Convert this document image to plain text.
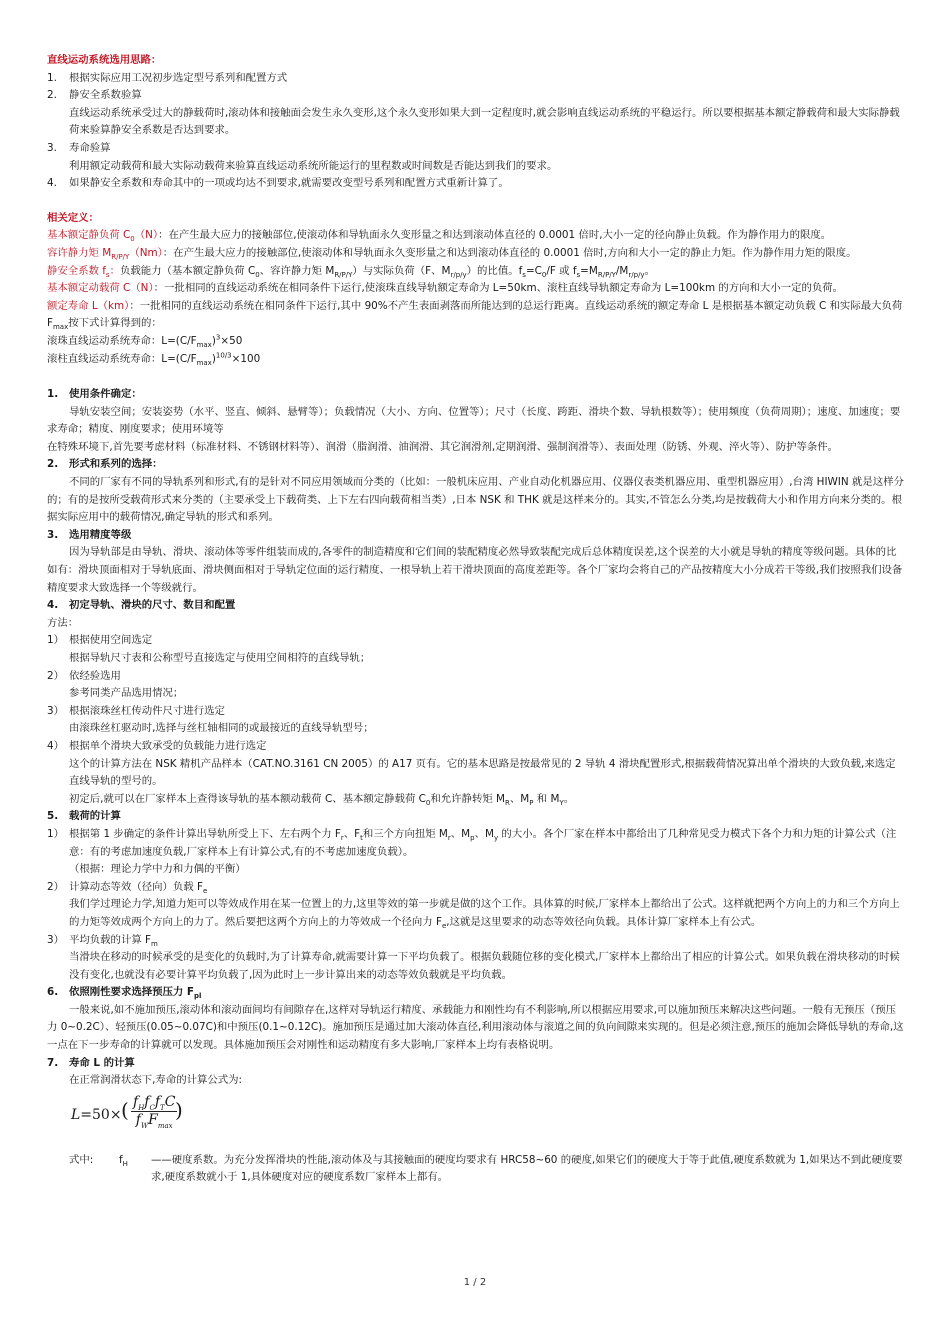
直线运动系统选用思路：
1. 根据实际应用工况初步选定型号系列和配置方式
2. 静安全系数验算
直线运动系统承受过大的静载荷时,滚动体和接触面会发生永久变形,这个永久变形如果大到一定程度时,就会影响直线运动系统的平稳运行。所以要根据基本额定静载荷和最大实际静载荷来验算静安全系数是否达到要求。
3. 寿命验算
利用额定动载荷和最大实际动载荷来验算直线运动系统所能运行的里程数或时间数是否能达到我们的要求。
4. 如果静安全系数和寿命其中的一项或均达不到要求,就需要改变型号系列和配置方式重新计算了。
相关定义：
基本额定静负荷 $C_0(N)$：在产生最大应力的接触部位,使滚动体和导轨面永久变形量之和达到滚动体直径的 0.0001 倍时,大小一定的径向静止负载。作为静作用力的限度。
容许静力矩 $M_{R/P/Y}(Nm)$：在产生最大应力的接触部位,使滚动体和导轨面永久变形量之和达到滚动体直径的 0.0001 倍时,方向和大小一定的静止力矩。作为静作用力矩的限度。
静安全系数 $f_s$：负载能力（基本额定静负荷 $C_0$、容许静力矩 $M_{R/P/Y}$）与实际负荷（F、$M_{r/p/y}$）的比值。$f_s=C_0/F$ 或 $f_s=M_{R/P/Y}/M_{r/p/y}$。
基本额定动载荷 C（N）：一批相同的直线运动系统在相同条件下运行,使滚珠直线导轨额定寿命为 L=50km、滚柱直线导轨额定寿命为 L=100km 的方向和大小一定的负荷。
额定寿命 L（km）：一批相同的直线运动系统在相同条件下运行,其中 90%不产生表面剥落而所能达到的总运行距离。直线运动系统的额定寿命 L 是根据基本额定动负载 C 和实际最大负荷 $F_{max}$按下式计算得到的：
滚珠直线运动系统寿命：$L=(C/F_{max})^3\times 50$
滚柱直线运动系统寿命：$L=(C/F_{max})^{10/3}\times 100$
1. 使用条件确定：
导轨安装空间；安装姿势（水平、竖直、倾斜、悬臂等）；负载情况（大小、方向、位置等）；尺寸（长度、跨距、滑块个数、导轨根数等）；使用频度（负荷周期）；速度、加速度；要求寿命；精度、刚度要求；使用环境等
在特殊环境下,首先要考虑材料（标准材料、不锈钢材料等）、润滑（脂润滑、油润滑、其它润滑剂,定期润滑、强制润滑等）、表面处理（防锈、外观、淬火等）、防护等条件。
2. 形式和系列的选择：
不同的厂家有不同的导轨系列和形式,有的是针对不同应用领域而分类的（比如：一般机床应用、产业自动化机器应用、仪器仪表类机器应用、重型机器应用）,台湾 HIWIN 就是这样分的；有的是按所受载荷形式来分类的（主要承受上下载荷类、上下左右四向载荷相当类）,日本 NSK 和 THK 就是这样来分的。其实,不管怎么分类,均是按载荷大小和作用方向来分类的。根据实际应用中的载荷情况,确定导轨的形式和系列。
3. 选用精度等级
因为导轨部是由导轨、滑块、滚动体等零件组装而成的,各零件的制造精度和它们间的装配精度必然导致装配完成后总体精度误差,这个误差的大小就是导轨的精度等级问题。具体的比如有：滑块顶面相对于导轨底面、滑块侧面相对于导轨定位面的运行精度、一根导轨上若干滑块顶面的高度差距等。各个厂家均会将自己的产品按精度大小分成若干等级,我们按照我们设备精度要求大致选择一个等级就行。
4. 初定导轨、滑块的尺寸、数目和配置
方法：
1） 根据使用空间选定
根据导轨尺寸表和公称型号直接选定与使用空间相符的直线导轨；
2） 依经验选用
参考同类产品选用情况；
3） 根据滚珠丝杠传动件尺寸进行选定
由滚珠丝杠驱动时,选择与丝杠轴相同的或最接近的直线导轨型号；
4） 根据单个滑块大致承受的负载能力进行选定
这个的计算方法在 NSK 精机产品样本（CAT.NO.3161 CN 2005）的 A17 页有。它的基本思路是按最常见的 2 导轨 4 滑块配置形式,根据载荷情况算出单个滑块的大致负载,来选定直线导轨的型号的。
初定后,就可以在厂家样本上查得该导轨的基本额动载荷 C、基本额定静载荷 $C_0$和允许静转矩 $M_R$、$M_P$ 和 $M_Y$。
5. 载荷的计算
1） 根据第 1 步确定的条件计算出导轨所受上下、左右两个力 $F_r$、$F_t$和三个方向扭矩 $M_r$、$M_p$、$M_y$ 的大小。各个厂家在样本中都给出了几种常见受力模式下各个力和力矩的计算公式（注意：有的考虑加速度负载,厂家样本上有计算公式,有的不考虑加速度负载）。
（根据：理论力学中力和力偶的平衡）
2） 计算动态等效（径向）负载 $F_e$
我们学过理论力学,知道力矩可以等效成作用在某一位置上的力,这里等效的第一步就是做的这个工作。具体算的时候,厂家样本上都给出了公式。这样就把两个方向上的力和三个方向上的力矩等效成两个方向上的力了。然后要把这两个方向上的力等效成一个径向力 $F_e$,这就是这里要求的动态等效径向负载。具体计算厂家样本上有公式。
3） 平均负载的计算 $F_m$
当滑块在移动的时候承受的是变化的负载时,为了计算寿命,就需要计算一下平均负载了。根据负载随位移的变化模式,厂家样本上都给出了相应的计算公式。如果负载在滑块移动的时候没有变化,也就没有必要计算平均负载了,因为此时上一步计算出来的动态等效负载就是平均负载。
6. 依照刚性要求选择预压力 $F_{pl}$
一般来说,如不施加预压,滚动体和滚动面间均有间隙存在,这样对导轨运行精度、承载能力和刚性均有不利影响,所以根据应用要求,可以施加预压来解决这些问题。一般有无预压（预压力 0~0.2C）、轻预压(0.05~0.07C)和中预压(0.1~0.12C)。施加预压是通过加大滚动体直径,利用滚动体与滚道之间的负向间隙来实现的。但是必须注意,预压的施加会降低导轨的寿命,这一点在下一步寿命的计算就可以发现。具体施加预压会对刚性和运动精度有多大影响,厂家样本上均有表格说明。
7. 寿命 L 的计算
在正常润滑状态下,寿命的计算公式为:
L=50× ( $f_Hf_Cf_TC$
$f_WF_{max}$
)
式中: $f_H$	——硬度系数。为充分发挥滑块的性能,滚动体及与其接触面的硬度均要求有 HRC58~60 的硬度,如果它们的硬度大于等于此值,硬度系数就为 1,如果达不到此硬度要求,硬度系数就小于 1,具体硬度对应的硬度系数厂家样本上都有。
1 / 2
